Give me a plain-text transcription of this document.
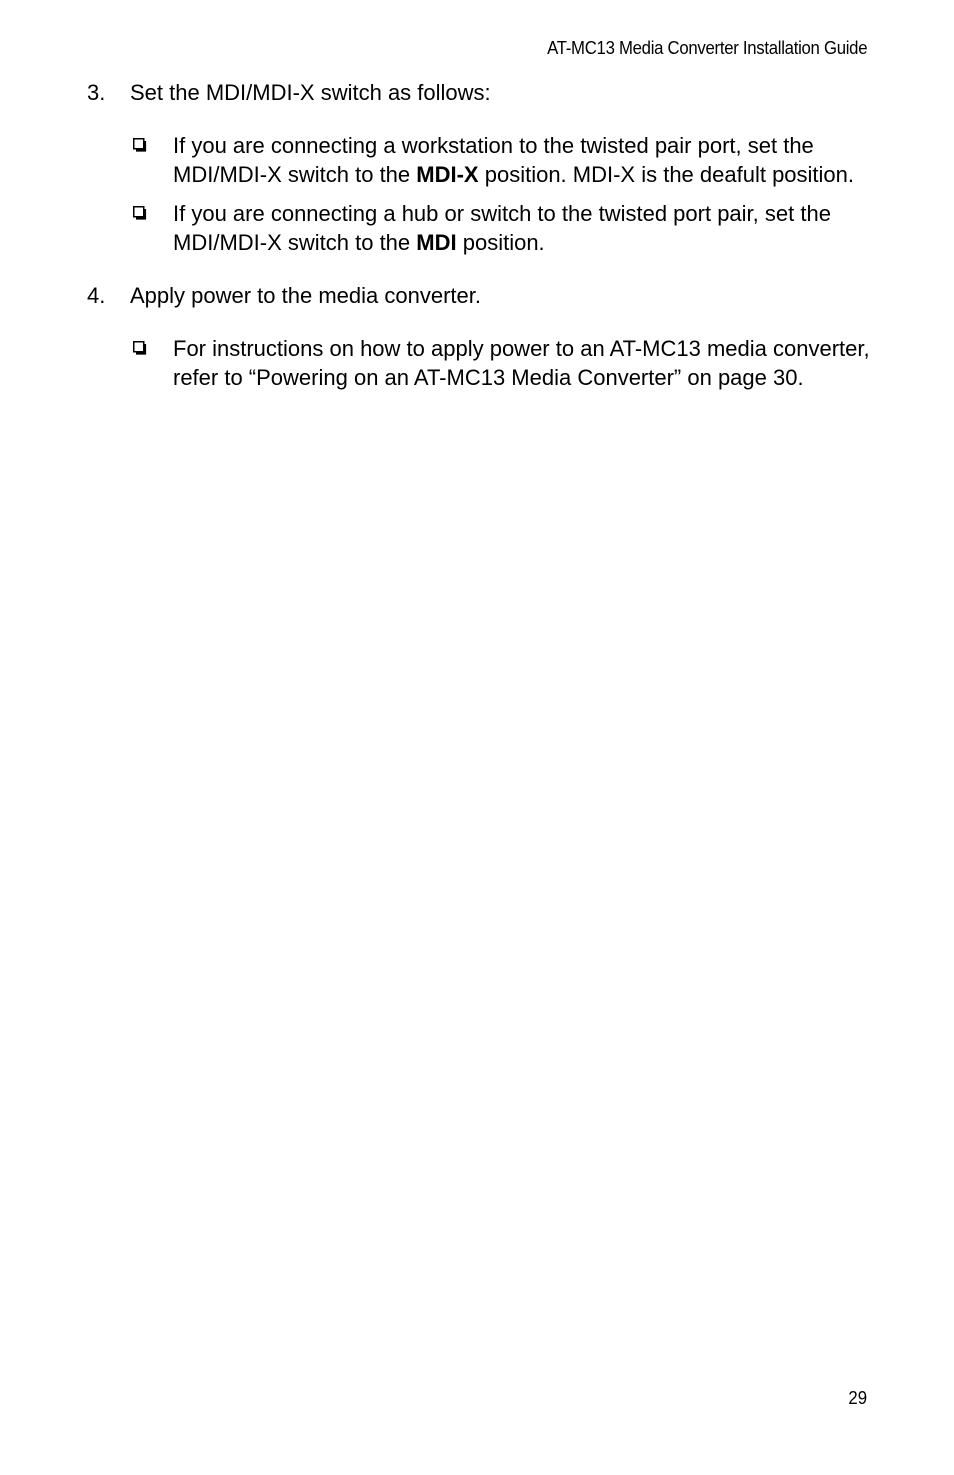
AT-MC13 Media Converter Installation Guide
3. Set the MDI/MDI-X switch as follows:
If you are connecting a workstation to the twisted pair port, set the MDI/MDI-X switch to the MDI-X position. MDI-X is the deafult position.
If you are connecting a hub or switch to the twisted port pair, set the MDI/MDI-X switch to the MDI position.
4. Apply power to the media converter.
For instructions on how to apply power to an AT-MC13 media converter, refer to “Powering on an AT-MC13 Media Converter” on page 30.
29
